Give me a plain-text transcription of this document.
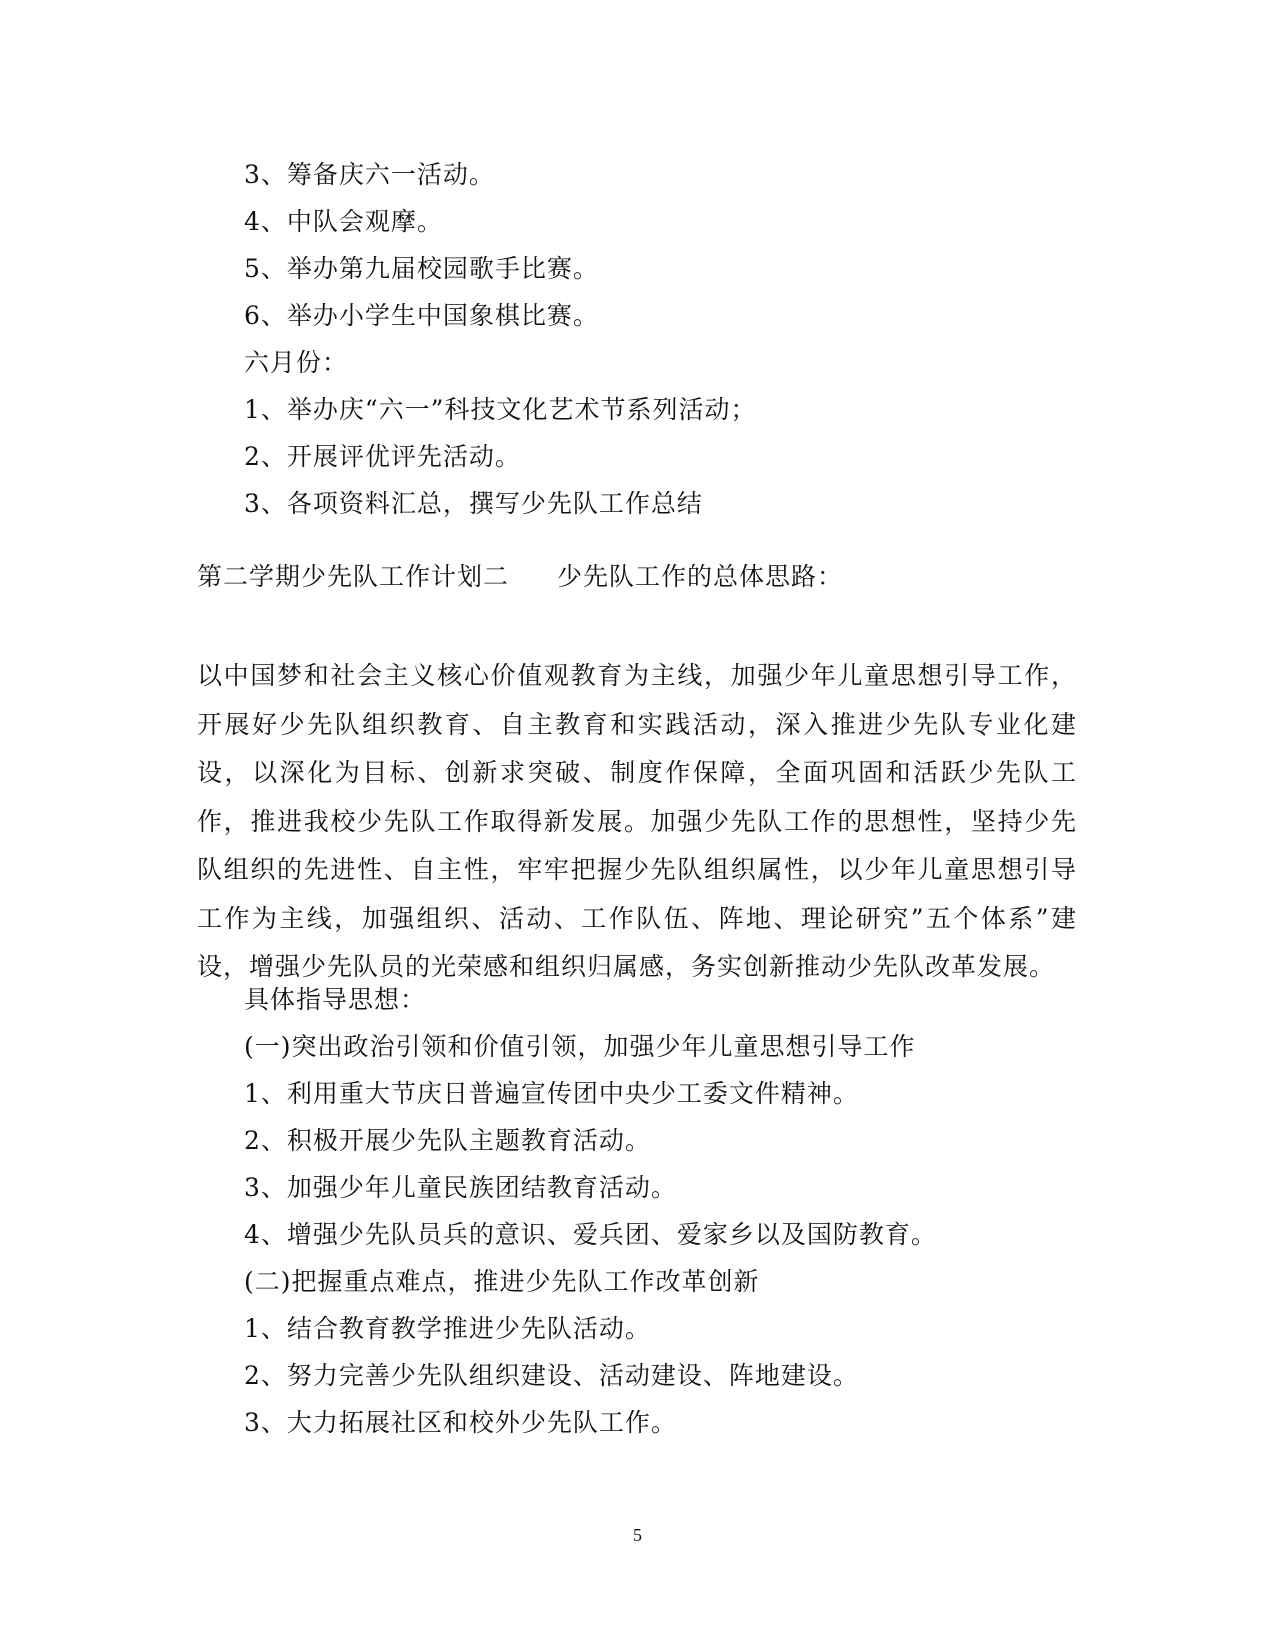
3、筹备庆六一活动。
4、中队会观摩。
5、举办第九届校园歌手比赛。
6、举办小学生中国象棋比赛。
六月份：
1、举办庆“六一”科技文化艺术节系列活动；
2、开展评优评先活动。
3、各项资料汇总，撰写少先队工作总结
第二学期少先队工作计划二 少先队工作的总体思路：

以中国梦和社会主义核心价值观教育为主线，加强少年儿童思想引导工作，开展好少先队组织教育、自主教育和实践活动，深入推进少先队专业化建设，以深化为目标、创新求突破、制度作保障，全面巩固和活跃少先队工作，推进我校少先队工作取得新发展。加强少先队工作的思想性，坚持少先队组织的先进性、自主性，牢牢把握少先队组织属性，以少年儿童思想引导工作为主线，加强组织、活动、工作队伍、阵地、理论研究”五个体系”建设，增强少先队员的光荣感和组织归属感，务实创新推动少先队改革发展。

具体指导思想：
(一)突出政治引领和价值引领，加强少年儿童思想引导工作
1、利用重大节庆日普遍宣传团中央少工委文件精神。
2、积极开展少先队主题教育活动。
3、加强少年儿童民族团结教育活动。
4、增强少先队员兵的意识、爱兵团、爱家乡以及国防教育。
(二)把握重点难点，推进少先队工作改革创新
1、结合教育教学推进少先队活动。
2、努力完善少先队组织建设、活动建设、阵地建设。
3、大力拓展社区和校外少先队工作。
5
